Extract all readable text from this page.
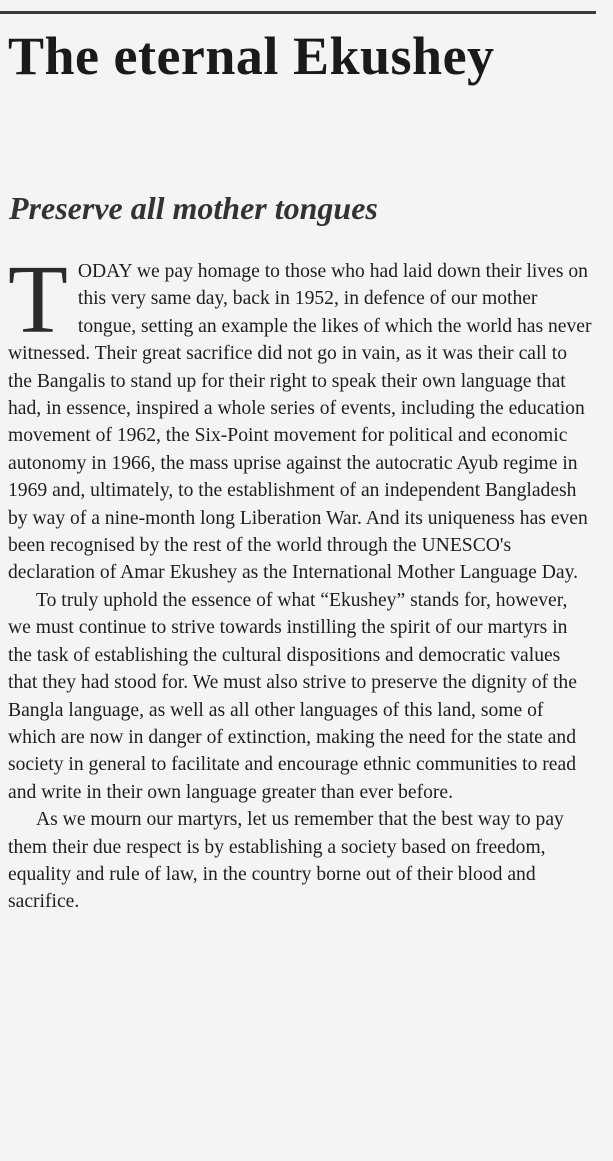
The eternal Ekushey
Preserve all mother tongues

TODAY we pay homage to those who had laid down their lives on this very same day, back in 1952, in defence of our mother tongue, setting an example the likes of which the world has never witnessed. Their great sacrifice did not go in vain, as it was their call to the Bangalis to stand up for their right to speak their own language that had, in essence, inspired a whole series of events, including the education movement of 1962, the Six-Point movement for political and economic autonomy in 1966, the mass uprise against the autocratic Ayub regime in 1969 and, ultimately, to the establishment of an independent Bangladesh by way of a nine-month long Liberation War. And its uniqueness has even been recognised by the rest of the world through the UNESCO's declaration of Amar Ekushey as the International Mother Language Day.

To truly uphold the essence of what “Ekushey” stands for, however, we must continue to strive towards instilling the spirit of our martyrs in the task of establishing the cultural dispositions and democratic values that they had stood for. We must also strive to preserve the dignity of the Bangla language, as well as all other languages of this land, some of which are now in danger of extinction, making the need for the state and society in general to facilitate and encourage ethnic communities to read and write in their own language greater than ever before.

As we mourn our martyrs, let us remember that the best way to pay them their due respect is by establishing a society based on freedom, equality and rule of law, in the country borne out of their blood and sacrifice.
